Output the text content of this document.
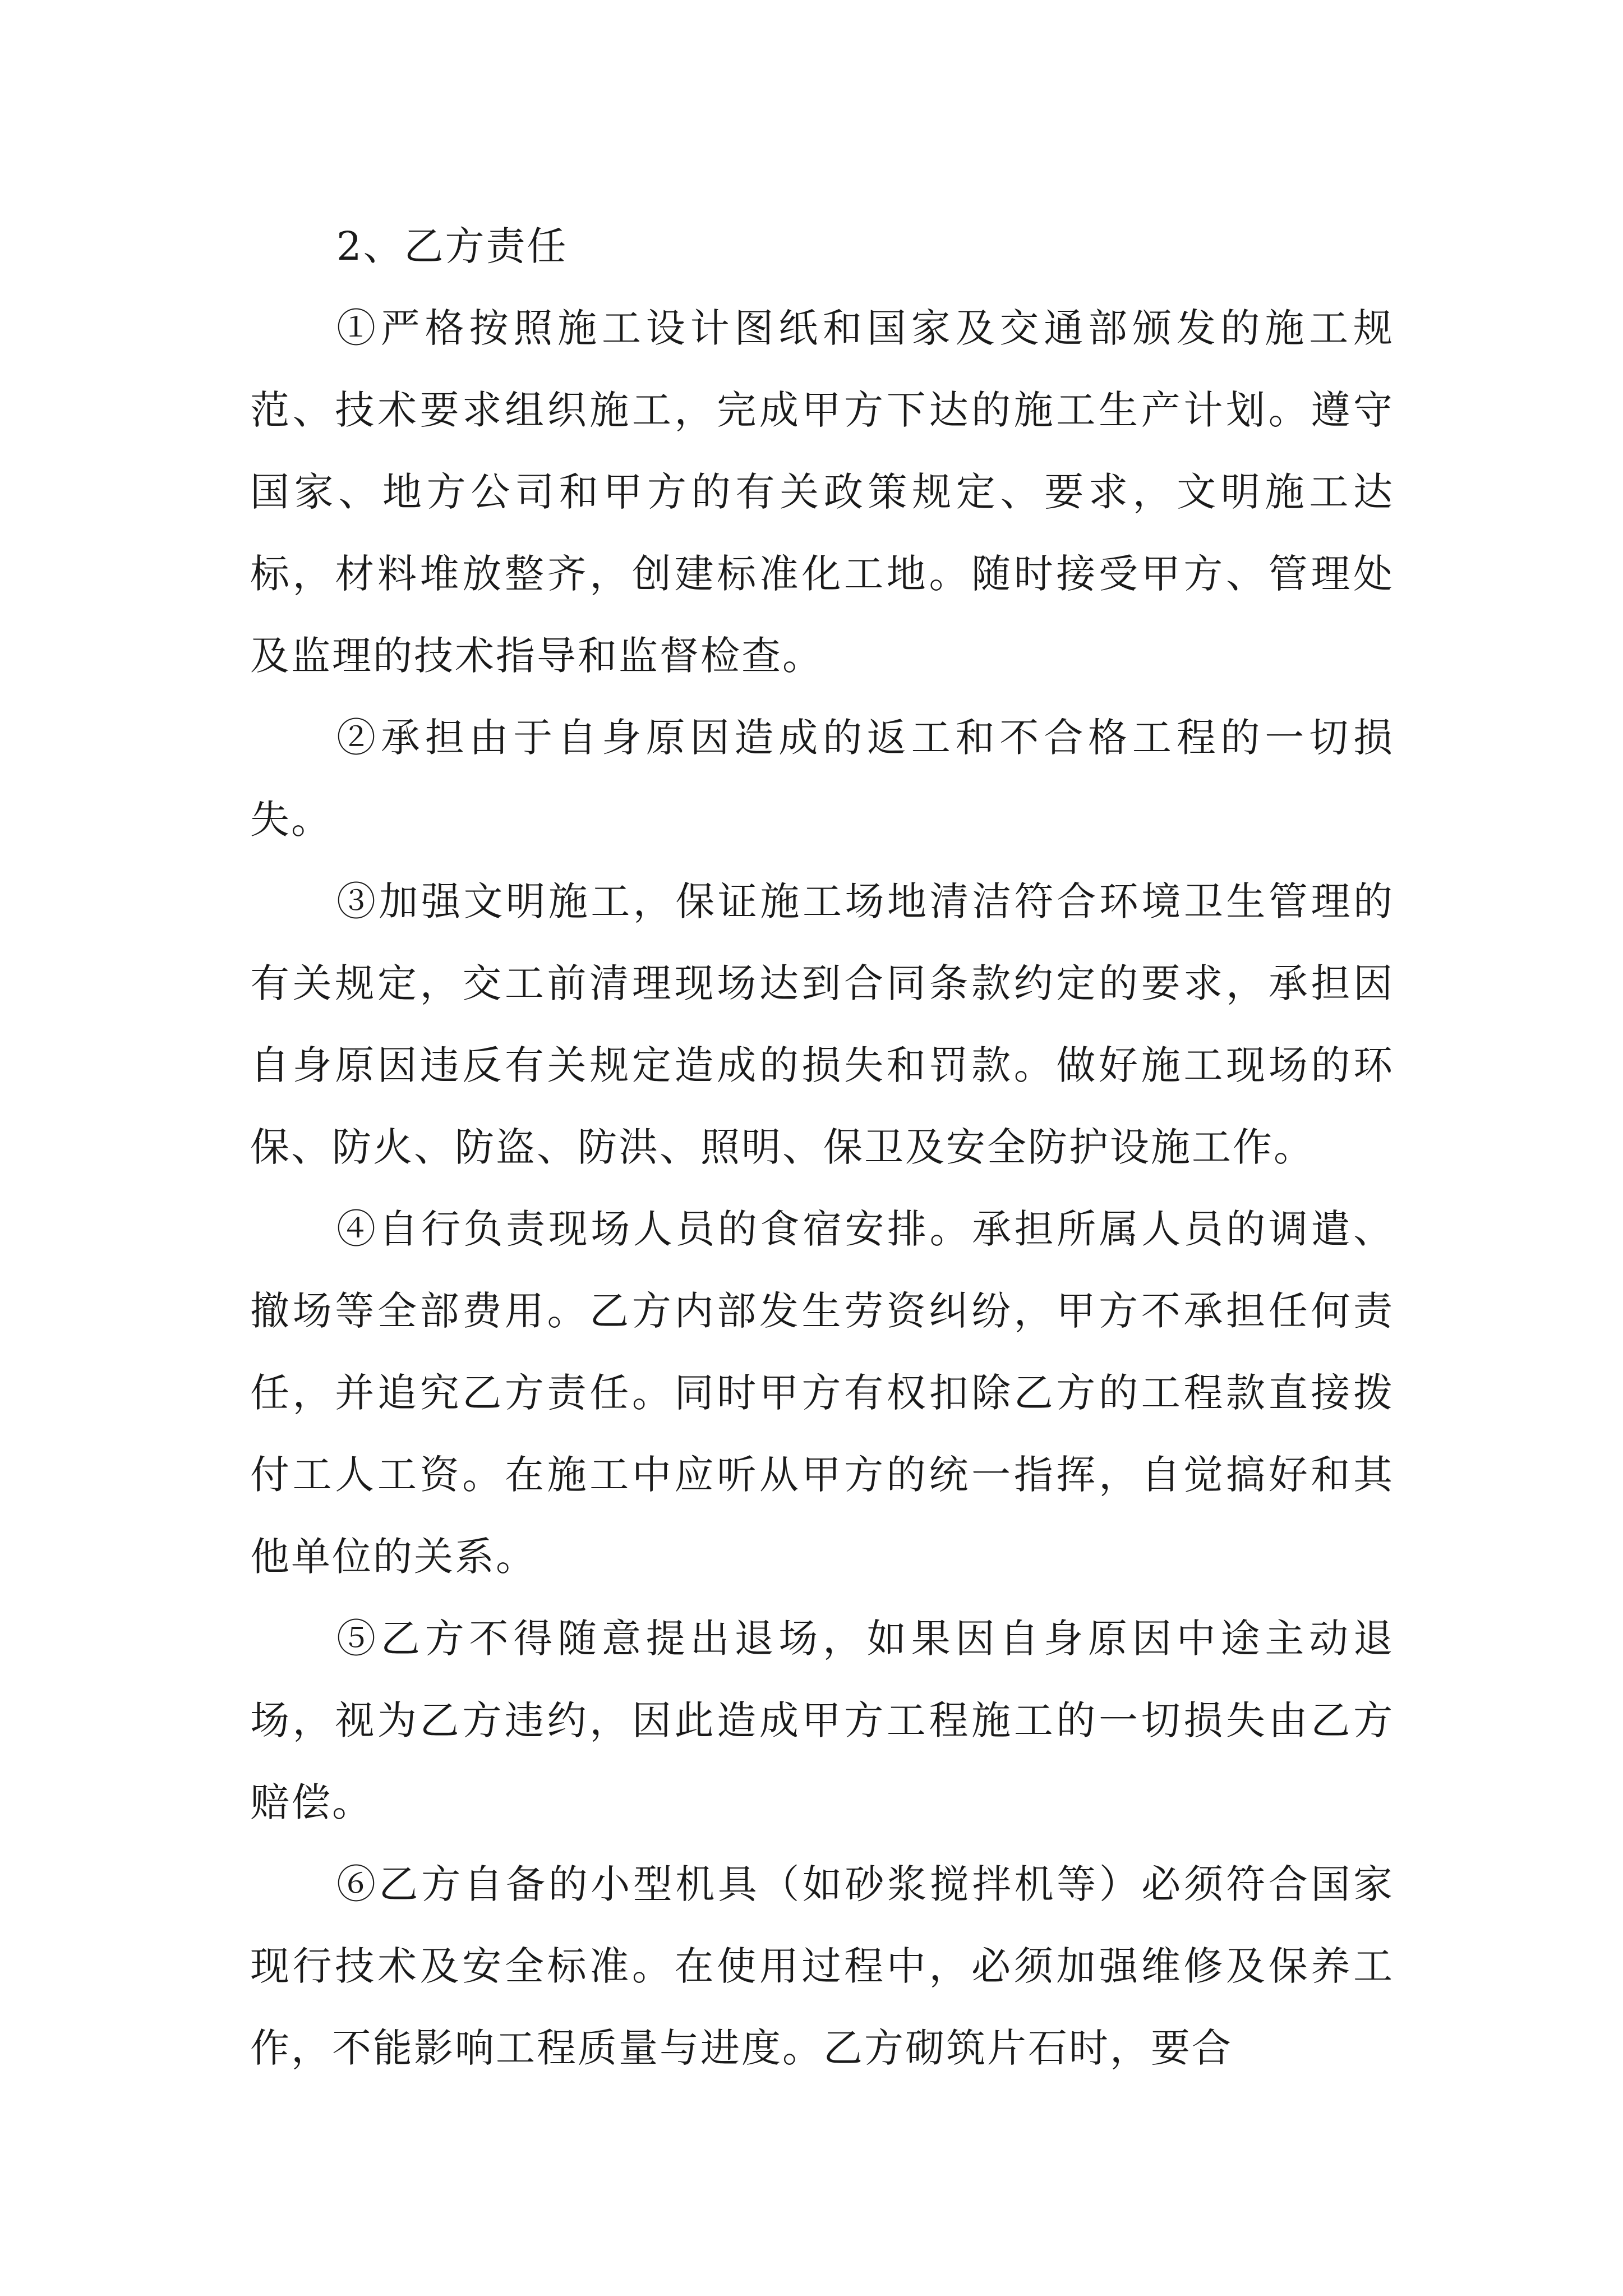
2、乙方责任

①严格按照施工设计图纸和国家及交通部颁发的施工规范、技术要求组织施工，完成甲方下达的施工生产计划。遵守国家、地方公司和甲方的有关政策规定、要求，文明施工达标，材料堆放整齐，创建标准化工地。随时接受甲方、管理处及监理的技术指导和监督检查。

②承担由于自身原因造成的返工和不合格工程的一切损失。

③加强文明施工，保证施工场地清洁符合环境卫生管理的有关规定，交工前清理现场达到合同条款约定的要求，承担因自身原因违反有关规定造成的损失和罚款。做好施工现场的环保、防火、防盗、防洪、照明、保卫及安全防护设施工作。

④自行负责现场人员的食宿安排。承担所属人员的调遣、撤场等全部费用。乙方内部发生劳资纠纷，甲方不承担任何责任，并追究乙方责任。同时甲方有权扣除乙方的工程款直接拨付工人工资。在施工中应听从甲方的统一指挥，自觉搞好和其他单位的关系。

⑤乙方不得随意提出退场，如果因自身原因中途主动退场，视为乙方违约，因此造成甲方工程施工的一切损失由乙方赔偿。

⑥乙方自备的小型机具（如砂浆搅拌机等）必须符合国家现行技术及安全标准。在使用过程中，必须加强维修及保养工作，不能影响工程质量与进度。乙方砌筑片石时，要合
